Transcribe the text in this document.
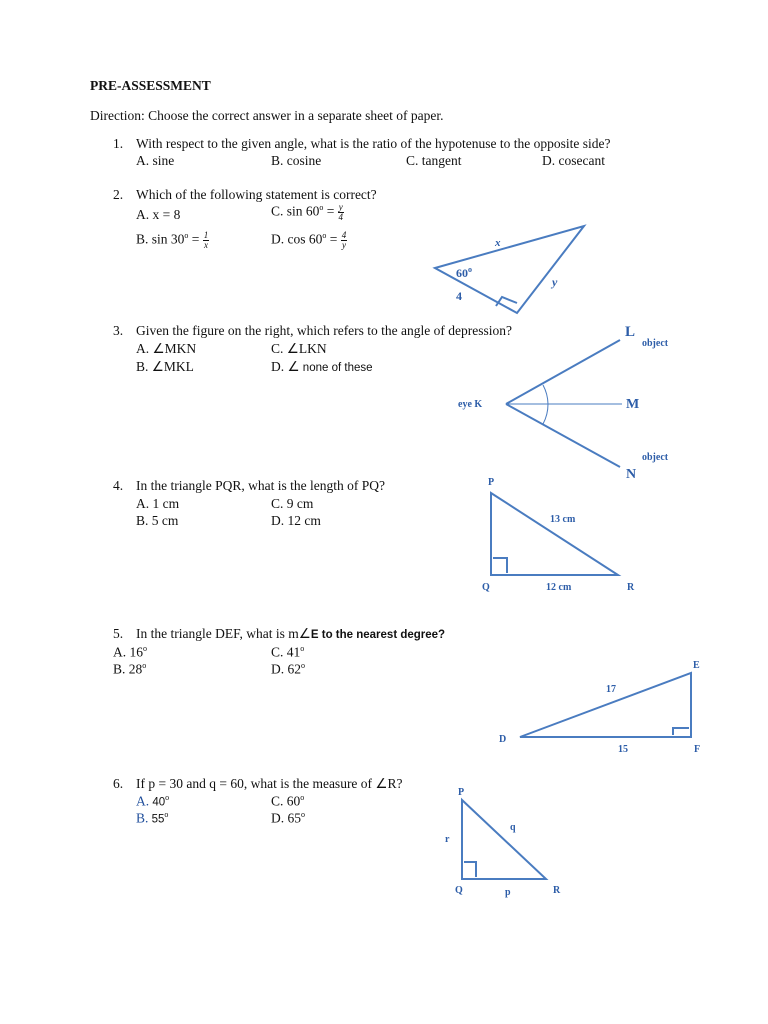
PRE-ASSESSMENT
Direction: Choose the correct answer in a separate sheet of paper.
1. With respect to the given angle, what is the ratio of the hypotenuse to the opposite side?
A. sine	B. cosine	C. tangent	D. cosecant
2. Which of the following statement is correct?
A. x = 8	C. $\sin 60^o = \frac{y}{4}$
B. $\sin 30^o = \frac{1}{x}$	D. $\cos 60^o = \frac{4}{y}$
3. Given the figure on the right, which refers to the angle of depression?
A. ∠MKN	C. ∠LKN
B. ∠MKL	D. ∠ none of these
4. In the triangle PQR, what is the length of PQ?
A. 1 cm	C. 9 cm
B. 5 cm	D. 12 cm
5. In the triangle DEF, what is m∠E to the nearest degree?
A. 16$^o$	C. 41$^o$
B. 28$^o$	D. 62$^o$
6. If p = 30 and q = 60, what is the measure of ∠R?
A. 40$^o$	C. 60$^o$
B. 55$^o$	D. 65$^o$
x
60$^o$
4
y
L
object
eye K	M
object
N
P
13 cm
Q	12 cm	R
E
17
D
15	F
P
q
r
Q	p	R
